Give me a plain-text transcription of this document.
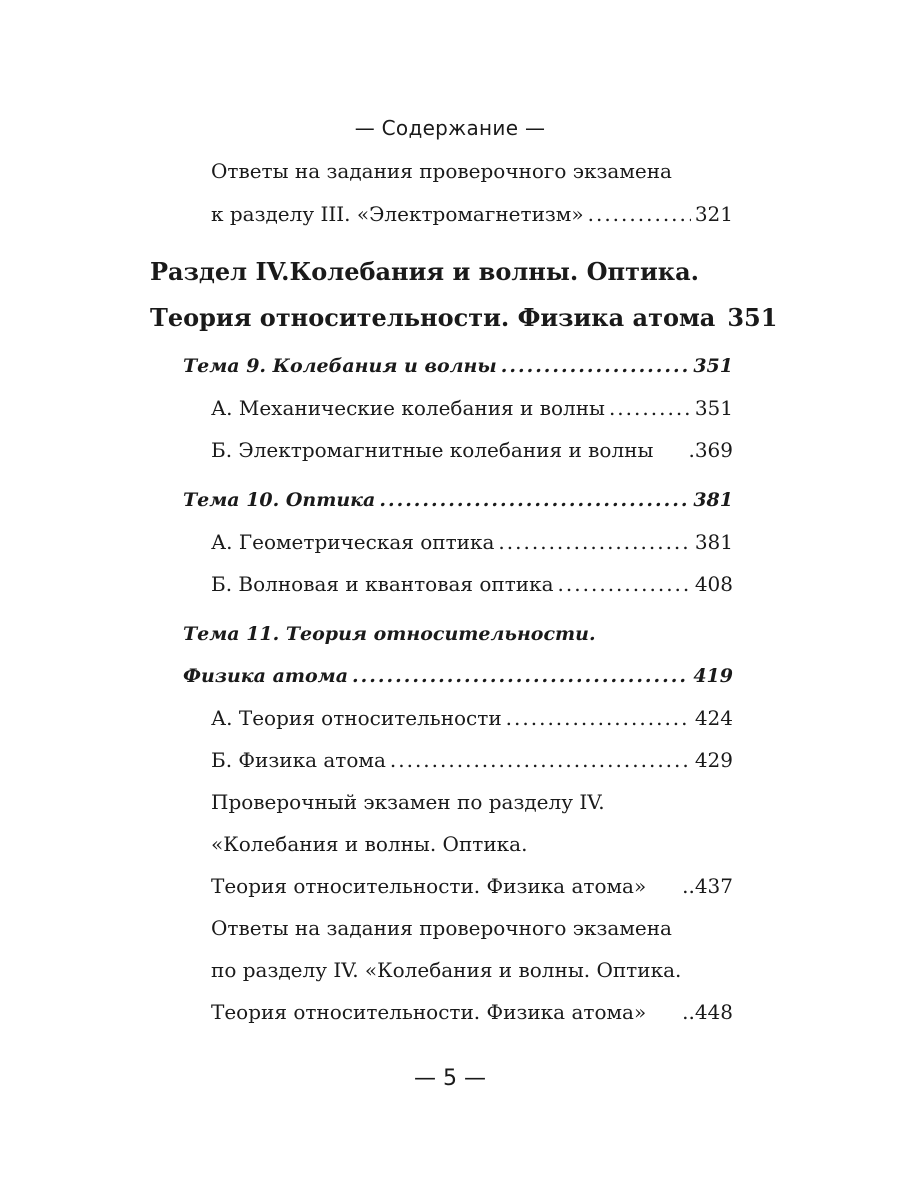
— Содержание —
Ответы на задания проверочного экзамена
к разделу III. «Электромагнетизм» .....	321
Раздел IV.Колебания и волны. Оптика.
Теория относительности. Физика атома 351
Тема 9. Колебания и волны .....	351
А. Механические колебания и волны .....	351
Б. Электромагнитные колебания и волны .369
Тема 10. Оптика .....	381
А. Геометрическая оптика .....	381
Б. Волновая и квантовая оптика .....	408
Тема 11. Теория относительности.
Физика атома .....	419
А. Теория относительности .....	424
Б. Физика атома .....	429
Проверочный экзамен по разделу IV.
«Колебания и волны. Оптика.
Теория относительности. Физика атома» ..437
Ответы на задания проверочного экзамена
по разделу IV. «Колебания и волны. Оптика.
Теория относительности. Физика атома» ..448
— 5 —
